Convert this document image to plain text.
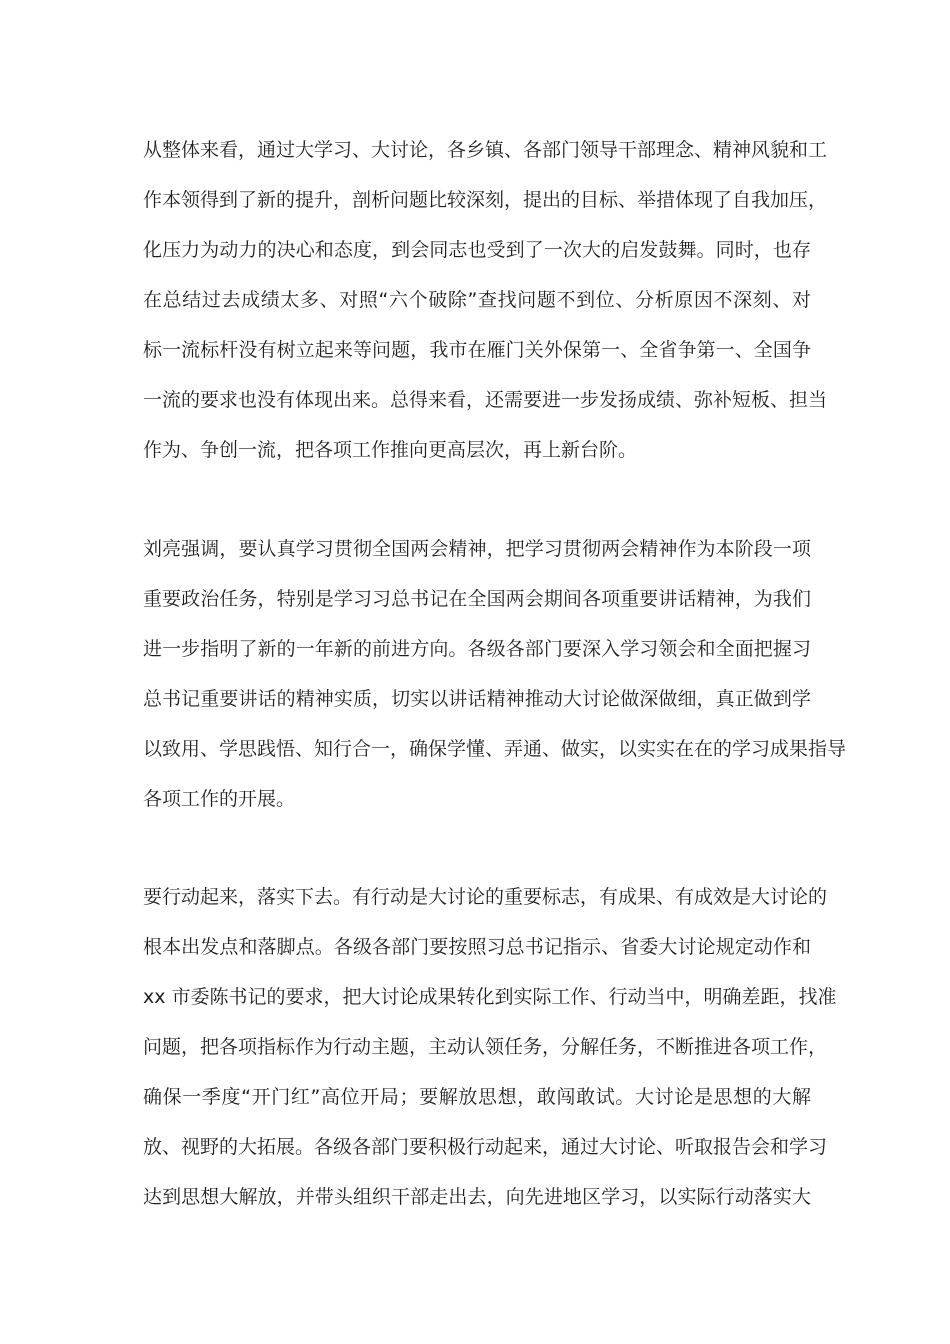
从整体来看，通过大学习、大讨论，各乡镇、各部门领导干部理念、精神风貌和工
作本领得到了新的提升，剖析问题比较深刻，提出的目标、举措体现了自我加压，
化压力为动力的决心和态度，到会同志也受到了一次大的启发鼓舞。同时，也存
在总结过去成绩太多、对照“六个破除”查找问题不到位、分析原因不深刻、对
标一流标杆没有树立起来等问题，我市在雁门关外保第一、全省争第一、全国争
一流的要求也没有体现出来。总得来看，还需要进一步发扬成绩、弥补短板、担当
作为、争创一流，把各项工作推向更高层次，再上新台阶。
刘亮强调，要认真学习贯彻全国两会精神，把学习贯彻两会精神作为本阶段一项
重要政治任务，特别是学习习总书记在全国两会期间各项重要讲话精神，为我们
进一步指明了新的一年新的前进方向。各级各部门要深入学习领会和全面把握习
总书记重要讲话的精神实质，切实以讲话精神推动大讨论做深做细，真正做到学
以致用、学思践悟、知行合一，确保学懂、弄通、做实，以实实在在的学习成果指导
各项工作的开展。
要行动起来，落实下去。有行动是大讨论的重要标志，有成果、有成效是大讨论的
根本出发点和落脚点。各级各部门要按照习总书记指示、省委大讨论规定动作和
xx 市委陈书记的要求，把大讨论成果转化到实际工作、行动当中，明确差距，找准
问题，把各项指标作为行动主题，主动认领任务，分解任务，不断推进各项工作，
确保一季度“开门红”高位开局；要解放思想，敢闯敢试。大讨论是思想的大解
放、视野的大拓展。各级各部门要积极行动起来，通过大讨论、听取报告会和学习
达到思想大解放，并带头组织干部走出去，向先进地区学习，以实际行动落实大
